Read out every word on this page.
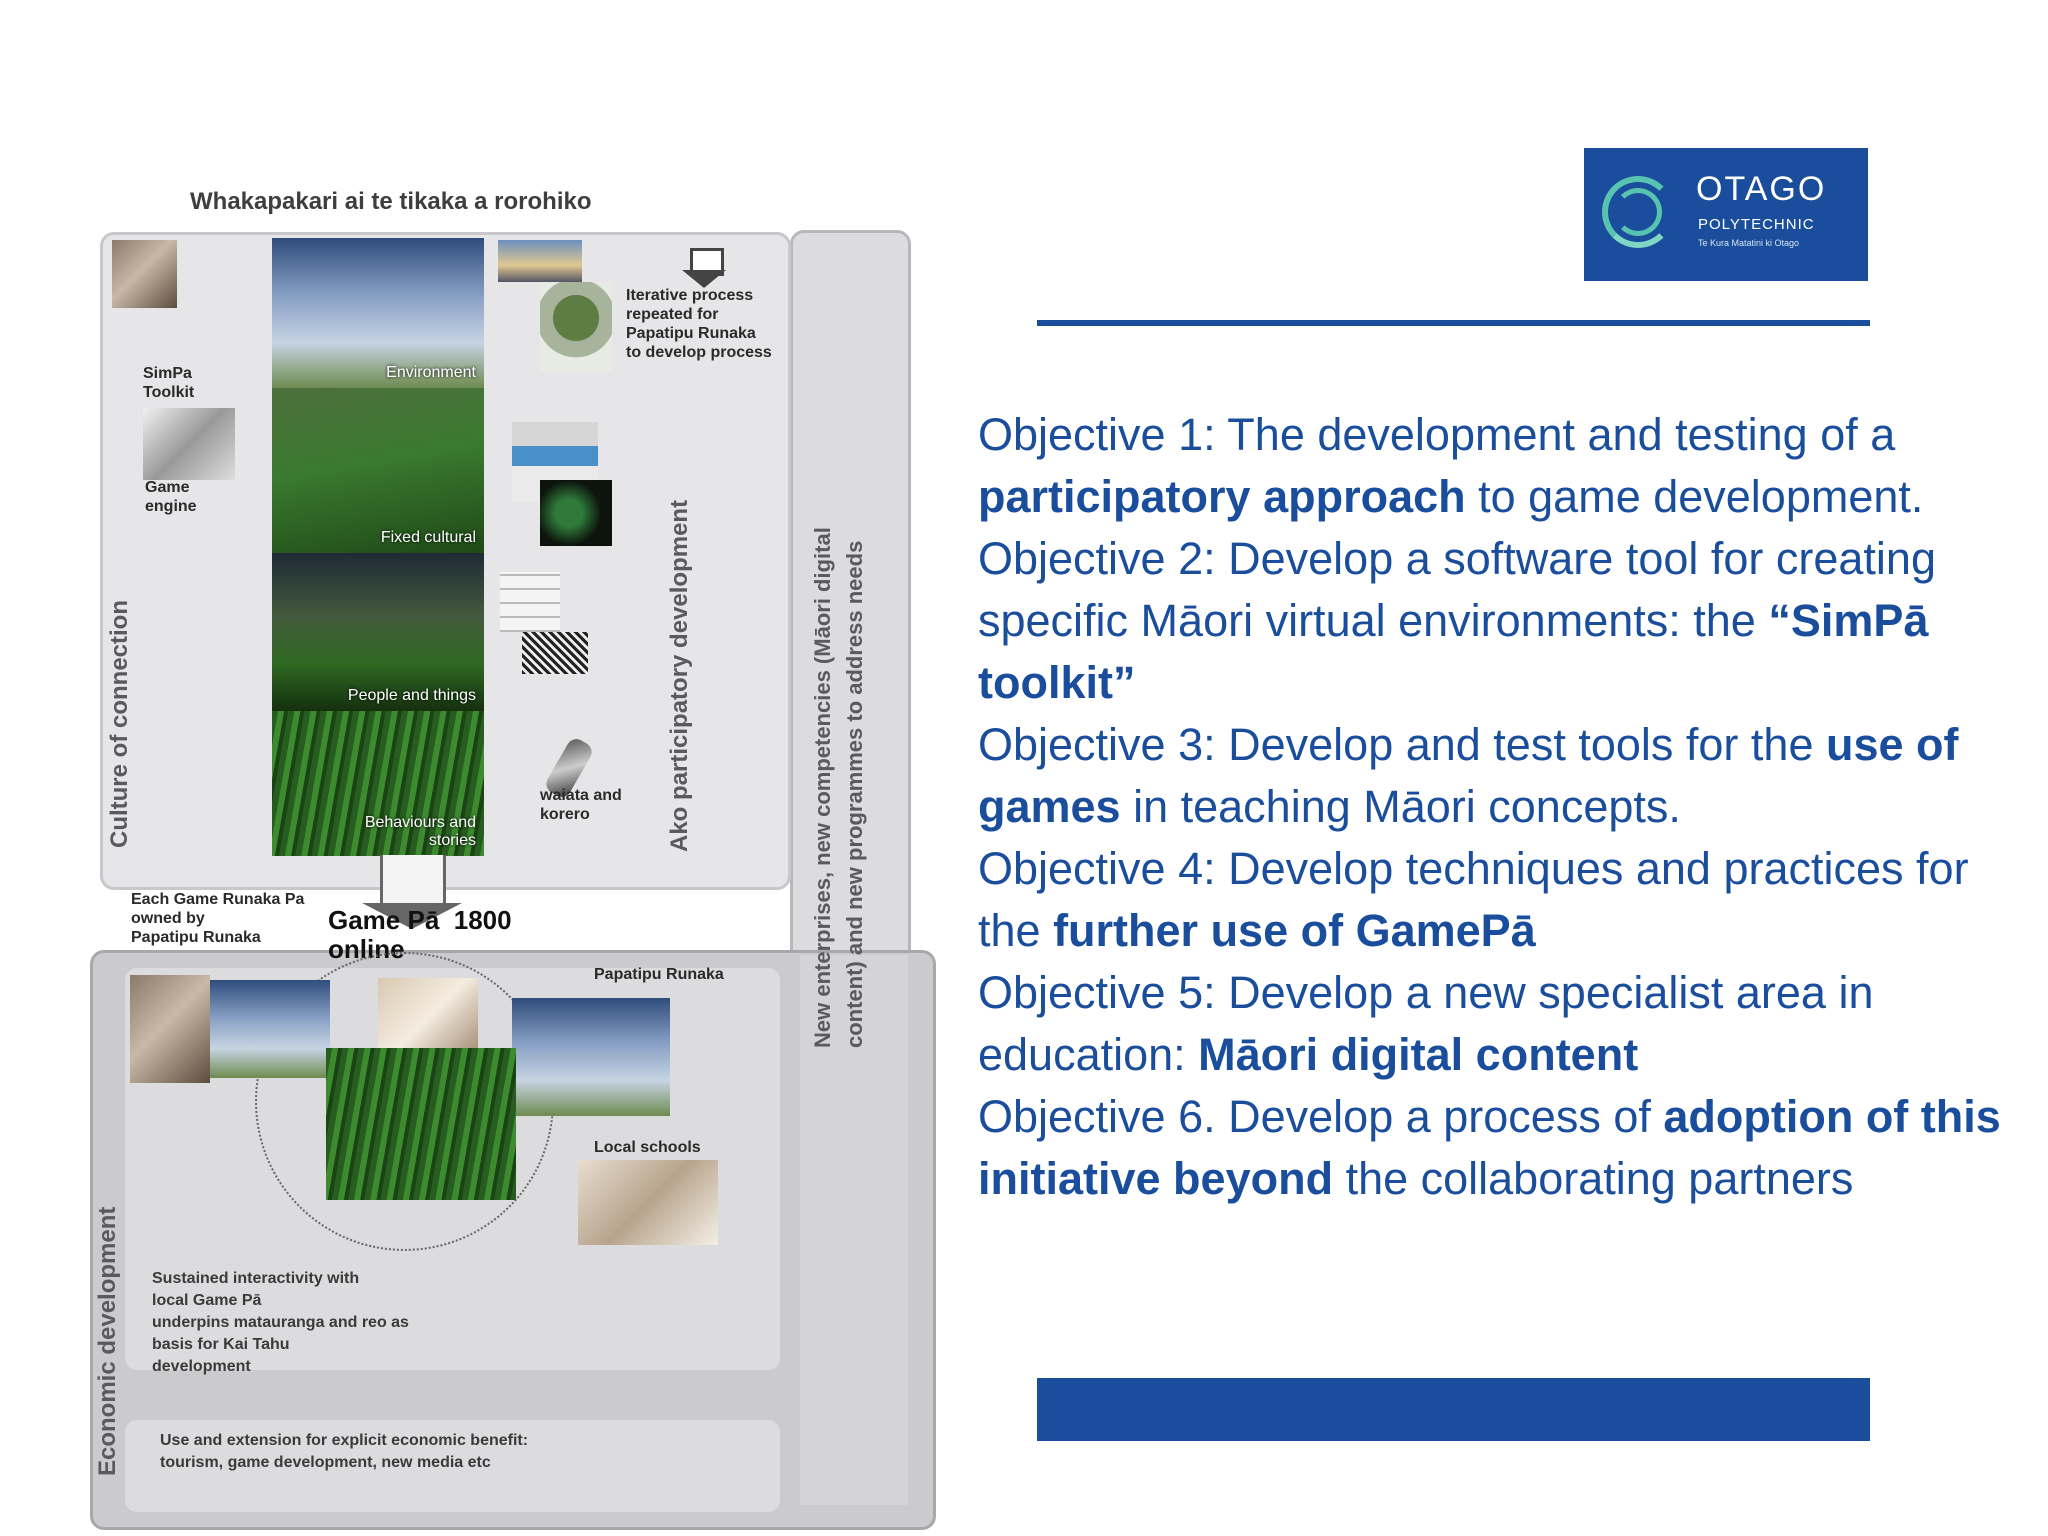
Whakapakari ai te tikaka a rorohiko
Culture of connection	Ako participatory development	New enterprises, new competencies (Māori digital content) and new programmes to address needs
Economic development
Environment
Fixed cultural
People and things
Behaviours and
stories
SimPa
Toolkit
Game
engine
Iterative process
repeated for
Papatipu Runaka
to develop process
waiata and
korero
Each Game Runaka Pa
owned by
Papatipu Runaka
Game Pā  1800
online
Papatipu Runaka
Local schools
Sustained interactivity with
local Game Pā
underpins matauranga and reo as
basis for Kai Tahu
development
Use and extension for explicit economic benefit:
tourism, game development, new media etc
OTAGO
POLYTECHNIC
Te Kura Matatini ki Otago

Objective 1: The development and testing of a participatory approach to game development.

Objective 2: Develop a software tool for creating specific Māori virtual environments: the “SimPā toolkit”

Objective 3: Develop and test tools for the use of games in teaching Māori concepts.

Objective 4: Develop techniques and practices for the further use of GamePā

Objective 5: Develop a new specialist area in education: Māori digital content

Objective 6. Develop a process of adoption of this initiative beyond the collaborating partners
